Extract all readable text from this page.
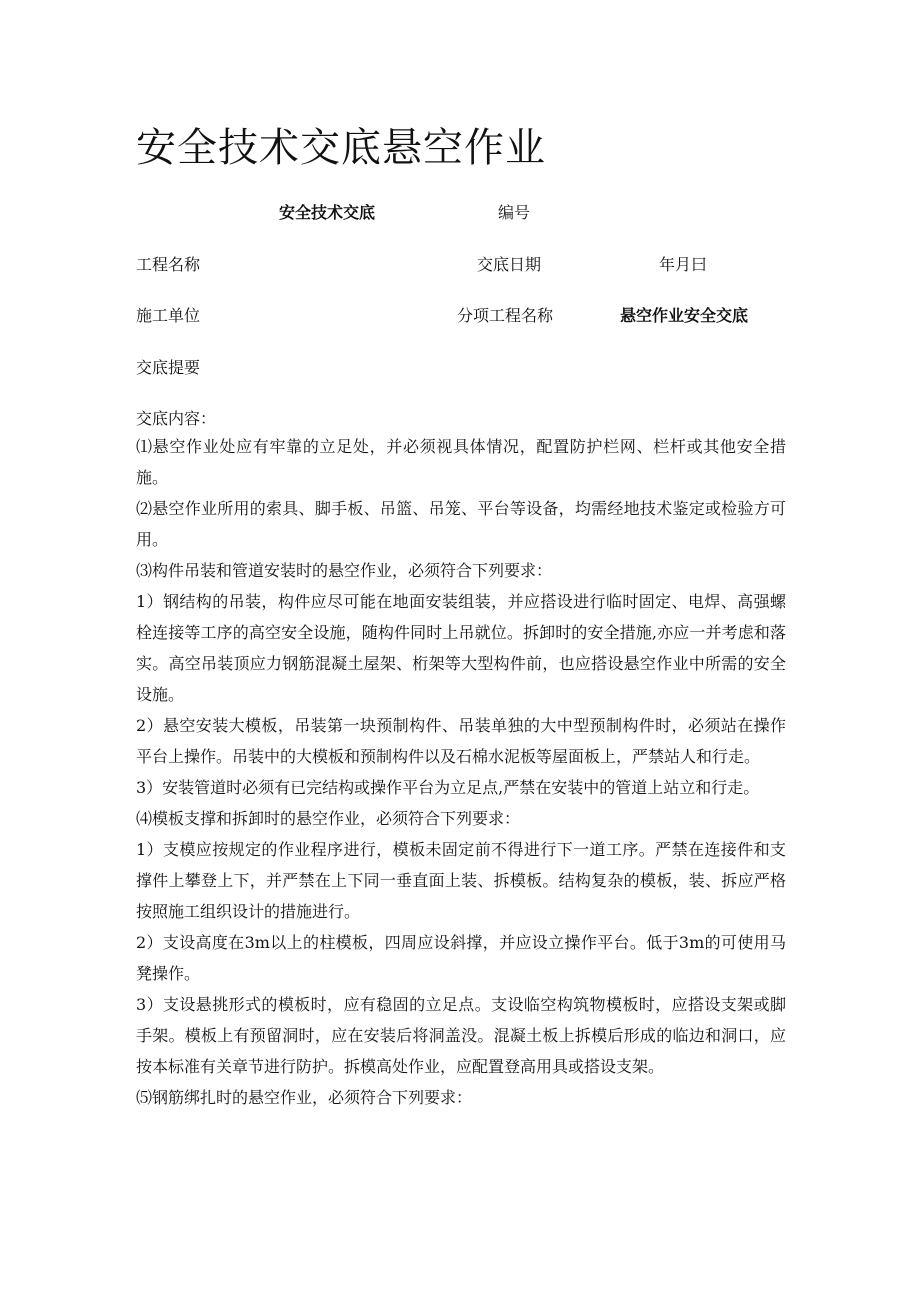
安全技术交底悬空作业
安全技术交底	编号
工程名称	交底日期	年月曰
施工单位	分项工程名称	悬空作业安全交底
交底提要
交底内容：

⑴悬空作业处应有牢靠的立足处，并必须视具体情况，配置防护栏网、栏杆或其他安全措施。

⑵悬空作业所用的索具、脚手板、吊篮、吊笼、平台等设备，均需经地技术鉴定或检验方可用。

⑶构件吊装和管道安装时的悬空作业，必须符合下列要求：

1）钢结构的吊装，构件应尽可能在地面安装组装，并应搭设进行临时固定、电焊、高强螺栓连接等工序的高空安全设施，随构件同时上吊就位。拆卸时的安全措施,亦应一并考虑和落实。高空吊装顶应力钢筋混凝土屋架、桁架等大型构件前，也应搭设悬空作业中所需的安全设施。

2）悬空安装大模板，吊装第一块预制构件、吊装单独的大中型预制构件时，必须站在操作平台上操作。吊装中的大模板和预制构件以及石棉水泥板等屋面板上，严禁站人和行走。

3）安装管道时必须有已完结构或操作平台为立足点,严禁在安装中的管道上站立和行走。

⑷模板支撑和拆卸时的悬空作业，必须符合下列要求：

1）支模应按规定的作业程序进行，模板未固定前不得进行下一道工序。严禁在连接件和支撑件上攀登上下，并严禁在上下同一垂直面上装、拆模板。结构复杂的模板，装、拆应严格按照施工组织设计的措施进行。

2）支设高度在3m以上的柱模板，四周应设斜撑，并应设立操作平台。低于3m的可使用马凳操作。

3）支设悬挑形式的模板时，应有稳固的立足点。支设临空构筑物模板时，应搭设支架或脚手架。模板上有预留洞时，应在安装后将洞盖没。混凝土板上拆模后形成的临边和洞口，应按本标准有关章节进行防护。拆模高处作业，应配置登高用具或搭设支架。

⑸钢筋绑扎时的悬空作业，必须符合下列要求：
